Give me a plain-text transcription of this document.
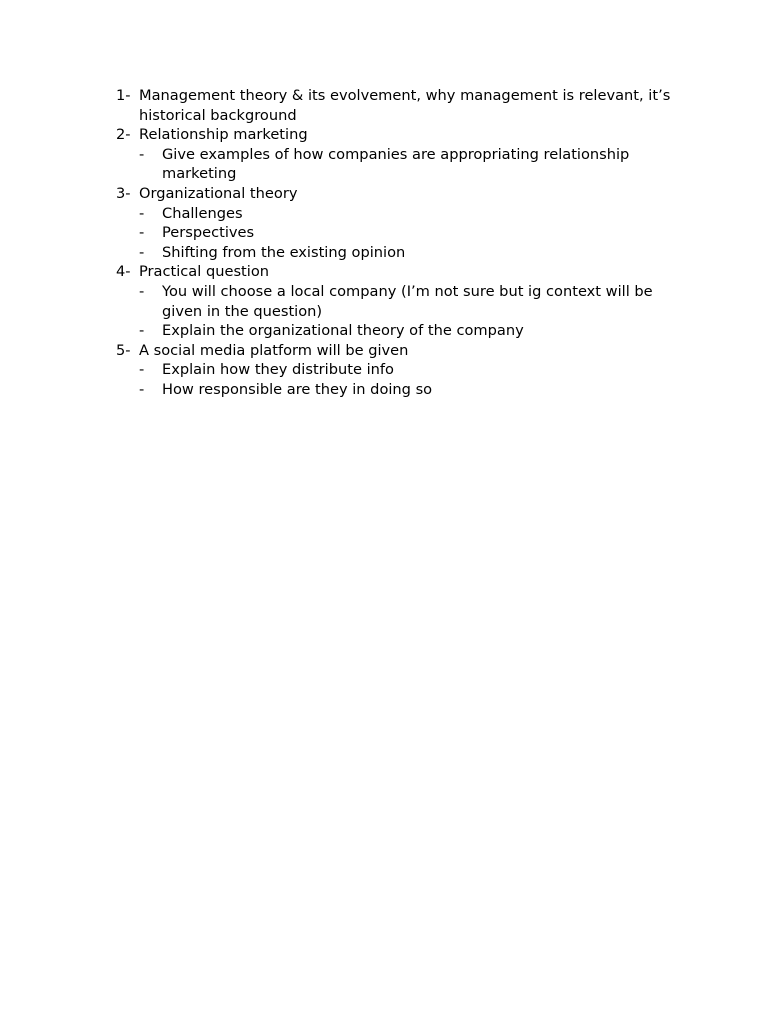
1- Management theory & its evolvement, why management is relevant, it’s historical background
2- Relationship marketing
-	Give examples of how companies are appropriating relationship marketing
3- Organizational theory
-	Challenges
-	Perspectives
-	Shifting from the existing opinion
4- Practical question
-	You will choose a local company (I’m not sure but ig context will be given in the question)
-	Explain the organizational theory of the company
5- A social media platform will be given
-	Explain how they distribute info
-	How responsible are they in doing so
